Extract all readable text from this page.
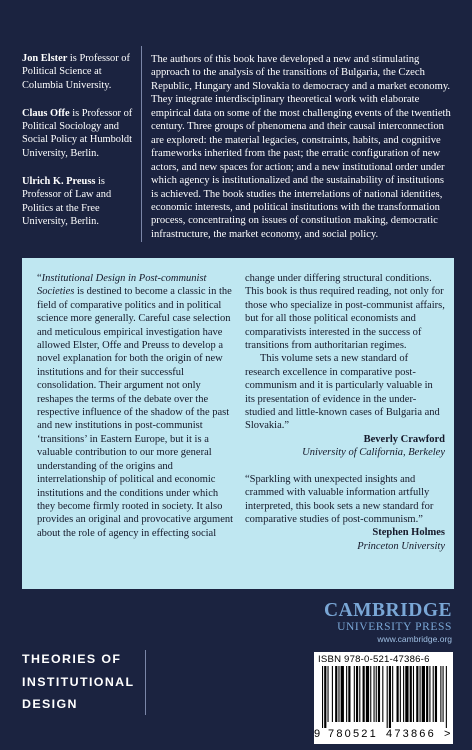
Jon Elster is Professor of Political Science at Columbia University.

Claus Offe is Professor of Political Sociology and Social Policy at Humboldt University, Berlin.

Ulrich K. Preuss is Professor of Law and Politics at the Free University, Berlin.

The authors of this book have developed a new and stimulating approach to the analysis of the transitions of Bulgaria, the Czech Republic, Hungary and Slovakia to democracy and a market economy. They integrate interdisciplinary theoretical work with elaborate empirical data on some of the most challenging events of the twentieth century. Three groups of phenomena and their causal interconnection are explored: the material legacies, constraints, habits, and cognitive frameworks inherited from the past; the erratic configuration of new actors, and new spaces for action; and a new institutional order under which agency is institutionalized and the sustainability of institutions is achieved. The book studies the interrelations of national identities, economic interests, and political institutions with the transformation process, concentrating on issues of constitution making, democratic infrastructure, the market economy, and social policy.

“Institutional Design in Post-communist Societies is destined to become a classic in the field of comparative politics and in political science more generally. Careful case selection and meticulous empirical investigation have allowed Elster, Offe and Preuss to develop a novel explanation for both the origin of new institutions and for their successful consolidation. Their argument not only reshapes the terms of the debate over the respective influence of the shadow of the past and new institutions in post-communist ‘transitions’ in Eastern Europe, but it is a valuable contribution to our more general understanding of the origins and interrelationship of political and economic institutions and the conditions under which they become firmly rooted in society. It also provides an original and provocative argument about the role of agency in effecting social

change under differing structural conditions. This book is thus required reading, not only for those who specialize in post-communist affairs, but for all those political economists and comparativists interested in the success of transitions from authoritarian regimes.

This volume sets a new standard of research excellence in comparative post-communism and it is particularly valuable in its presentation of evidence in the under-studied and little-known cases of Bulgaria and Slovakia.”

Beverly Crawford
University of California, Berkeley

“Sparkling with unexpected insights and crammed with valuable information artfully interpreted, this book sets a new standard for comparative studies of post-communism.”

Stephen Holmes
Princeton University
THEORIES OF
INSTITUTIONAL
DESIGN
CAMBRIDGE
UNIVERSITY PRESS
www.cambridge.org
ISBN 978-0-521-47386-6
9 780521 473866 >
